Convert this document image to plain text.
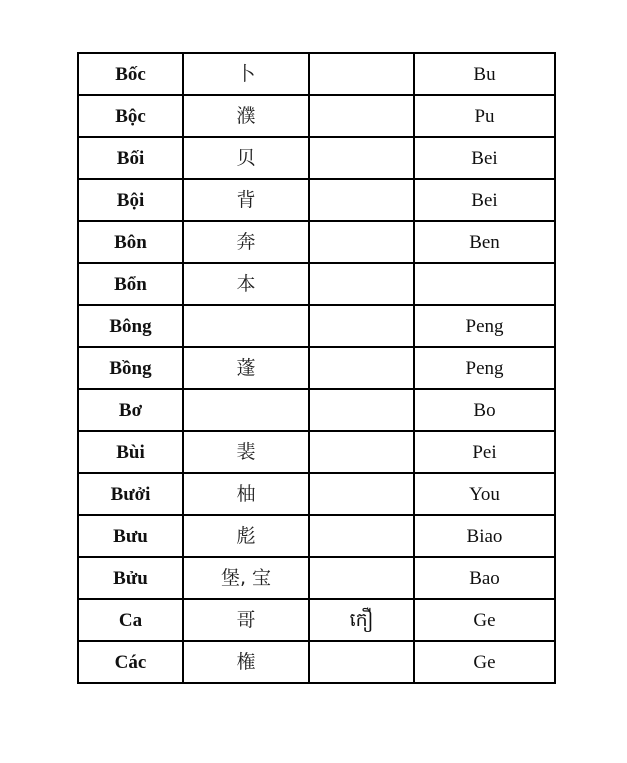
Bốc	卜		Bu
Bộc	濮		Pu
Bối	贝		Bei
Bội	背		Bei
Bôn	奔		Ben
Bổn	本		
Bông			Peng
Bồng	蓬		Peng
Bơ			Bo
Bùi	裴		Pei
Bưởi	柚		You
Bưu	彪		Biao
Bửu	堡, 宝		Bao
Ca	哥	កឿ	Ge
Các	権		Ge
